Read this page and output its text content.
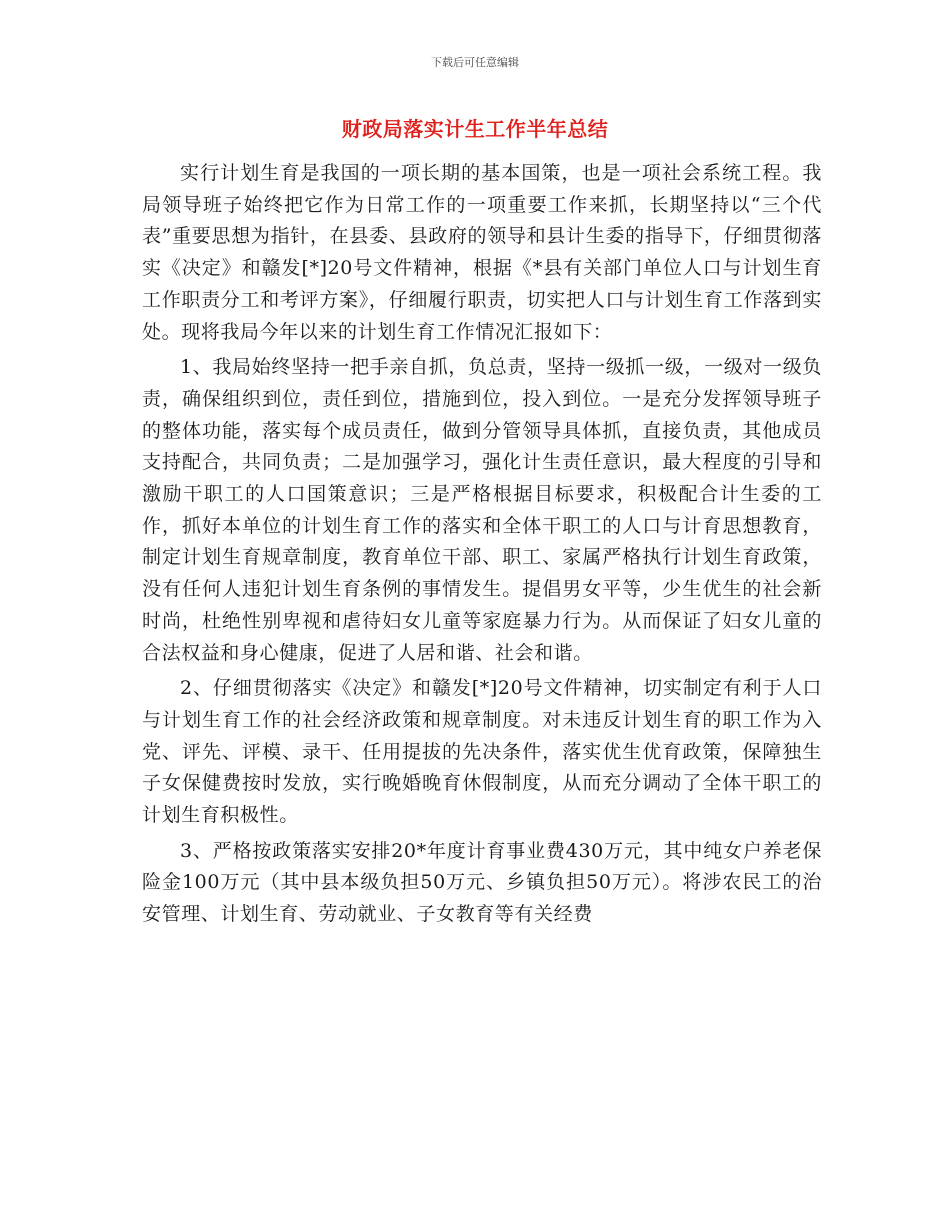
下载后可任意编辑
财政局落实计生工作半年总结

实行计划生育是我国的一项长期的基本国策，也是一项社会系统工程。我局领导班子始终把它作为日常工作的一项重要工作来抓，长期坚持以“三个代表”重要思想为指针，在县委、县政府的领导和县计生委的指导下，仔细贯彻落实《决定》和赣发[*]20号文件精神，根据《*县有关部门单位人口与计划生育工作职责分工和考评方案》，仔细履行职责，切实把人口与计划生育工作落到实处。现将我局今年以来的计划生育工作情况汇报如下：

1、我局始终坚持一把手亲自抓，负总责，坚持一级抓一级，一级对一级负责，确保组织到位，责任到位，措施到位，投入到位。一是充分发挥领导班子的整体功能，落实每个成员责任，做到分管领导具体抓，直接负责，其他成员支持配合，共同负责；二是加强学习，强化计生责任意识，最大程度的引导和激励干职工的人口国策意识；三是严格根据目标要求，积极配合计生委的工作，抓好本单位的计划生育工作的落实和全体干职工的人口与计育思想教育，制定计划生育规章制度，教育单位干部、职工、家属严格执行计划生育政策，没有任何人违犯计划生育条例的事情发生。提倡男女平等，少生优生的社会新时尚，杜绝性别卑视和虐待妇女儿童等家庭暴力行为。从而保证了妇女儿童的合法权益和身心健康，促进了人居和谐、社会和谐。

2、仔细贯彻落实《决定》和赣发[*]20号文件精神，切实制定有利于人口与计划生育工作的社会经济政策和规章制度。对未违反计划生育的职工作为入党、评先、评模、录干、任用提拔的先决条件，落实优生优育政策，保障独生子女保健费按时发放，实行晚婚晚育休假制度，从而充分调动了全体干职工的计划生育积极性。

3、严格按政策落实安排20*年度计育事业费430万元，其中纯女户养老保险金100万元（其中县本级负担50万元、乡镇负担50万元）。将涉农民工的治安管理、计划生育、劳动就业、子女教育等有关经费
